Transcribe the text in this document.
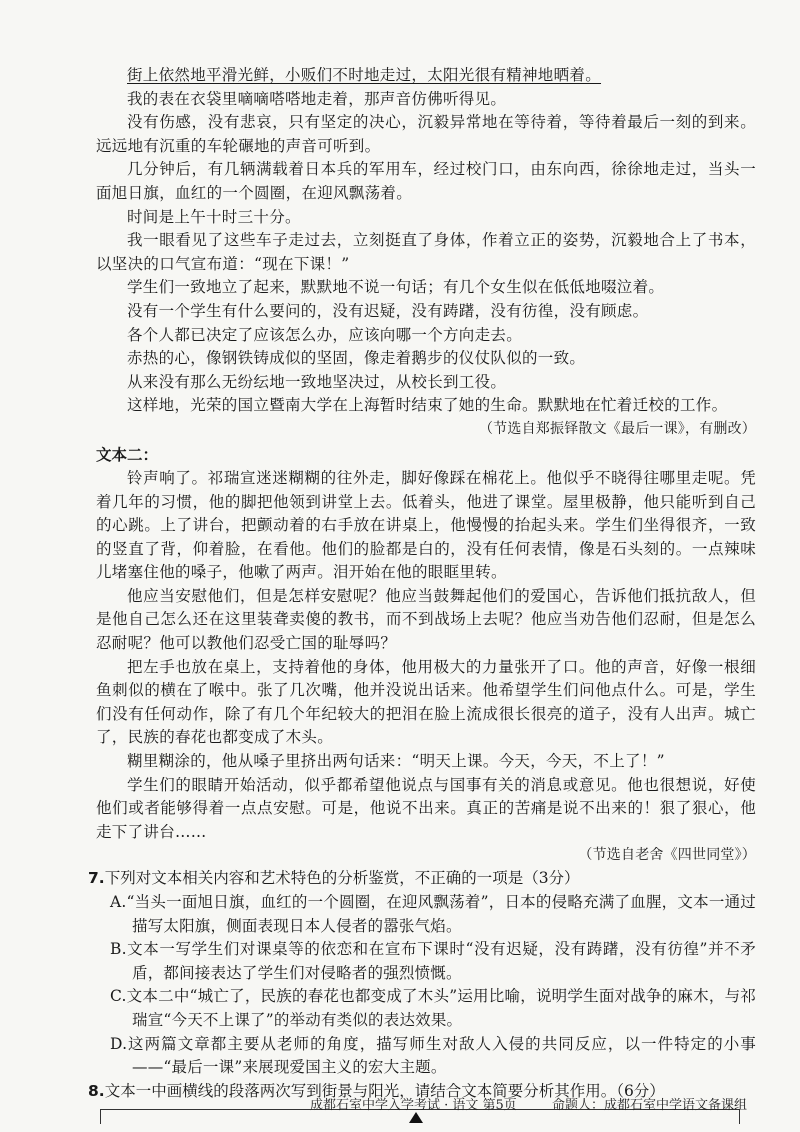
街上依然地平滑光鲜，小贩们不时地走过，太阳光很有精神地晒着。

我的表在衣袋里嘀嘀嗒嗒地走着，那声音仿佛听得见。

没有伤感，没有悲哀，只有坚定的决心，沉毅异常地在等待着，等待着最后一刻的到来。远远地有沉重的车轮碾地的声音可听到。

几分钟后，有几辆满载着日本兵的军用车，经过校门口，由东向西，徐徐地走过，当头一面旭日旗，血红的一个圆圈，在迎风飘荡着。

时间是上午十时三十分。

我一眼看见了这些车子走过去，立刻挺直了身体，作着立正的姿势，沉毅地合上了书本，以坚决的口气宣布道：“现在下课！”

学生们一致地立了起来，默默地不说一句话；有几个女生似在低低地啜泣着。

没有一个学生有什么要问的，没有迟疑，没有踌躇，没有彷徨，没有顾虑。

各个人都已决定了应该怎么办，应该向哪一个方向走去。

赤热的心，像钢铁铸成似的坚固，像走着鹅步的仪仗队似的一致。

从来没有那么无纷纭地一致地坚决过，从校长到工役。

这样地，光荣的国立暨南大学在上海暂时结束了她的生命。默默地在忙着迁校的工作。

（节选自郑振铎散文《最后一课》，有删改）

文本二：

铃声响了。祁瑞宣迷迷糊糊的往外走，脚好像踩在棉花上。他似乎不晓得往哪里走呢。凭着几年的习惯，他的脚把他领到讲堂上去。低着头，他进了课堂。屋里极静，他只能听到自己的心跳。上了讲台，把颤动着的右手放在讲桌上，他慢慢的抬起头来。学生们坐得很齐，一致的竖直了背，仰着脸，在看他。他们的脸都是白的，没有任何表情，像是石头刻的。一点辣味儿堵塞住他的嗓子，他嗽了两声。泪开始在他的眼眶里转。

他应当安慰他们，但是怎样安慰呢？他应当鼓舞起他们的爱国心，告诉他们抵抗敌人，但是他自己怎么还在这里装聋卖傻的教书，而不到战场上去呢？他应当劝告他们忍耐，但是怎么忍耐呢？他可以教他们忍受亡国的耻辱吗？

把左手也放在桌上，支持着他的身体，他用极大的力量张开了口。他的声音，好像一根细鱼刺似的横在了喉中。张了几次嘴，他并没说出话来。他希望学生们问他点什么。可是，学生们没有任何动作，除了有几个年纪较大的把泪在脸上流成很长很亮的道子，没有人出声。城亡了，民族的春花也都变成了木头。

糊里糊涂的，他从嗓子里挤出两句话来：“明天上课。今天，今天，不上了！”

学生们的眼睛开始活动，似乎都希望他说点与国事有关的消息或意见。他也很想说，好使他们或者能够得着一点点安慰。可是，他说不出来。真正的苦痛是说不出来的！狠了狠心，他走下了讲台……

（节选自老舍《四世同堂》）

7.下列对文本相关内容和艺术特色的分析鉴赏，不正确的一项是（3分）

A.“当头一面旭日旗，血红的一个圆圈，在迎风飘荡着”，日本的侵略充满了血腥，文本一通过描写太阳旗，侧面表现日本人侵者的嚣张气焰。

B.文本一写学生们对课桌等的依恋和在宣布下课时“没有迟疑，没有踌躇，没有彷徨”并不矛盾，都间接表达了学生们对侵略者的强烈愤慨。

C.文本二中“城亡了，民族的春花也都变成了木头”运用比喻，说明学生面对战争的麻木，与祁瑞宣“今天不上课了”的举动有类似的表达效果。

D.这两篇文章都主要从老师的角度，描写师生对敌人入侵的共同反应，以一件特定的小事——“最后一课”来展现爱国主义的宏大主题。

8.文本一中画横线的段落两次写到街景与阳光，请结合文本简要分析其作用。（6分）

成都石室中学入学考试 · 语文 第5页	命题人：成都石室中学语文备课组
